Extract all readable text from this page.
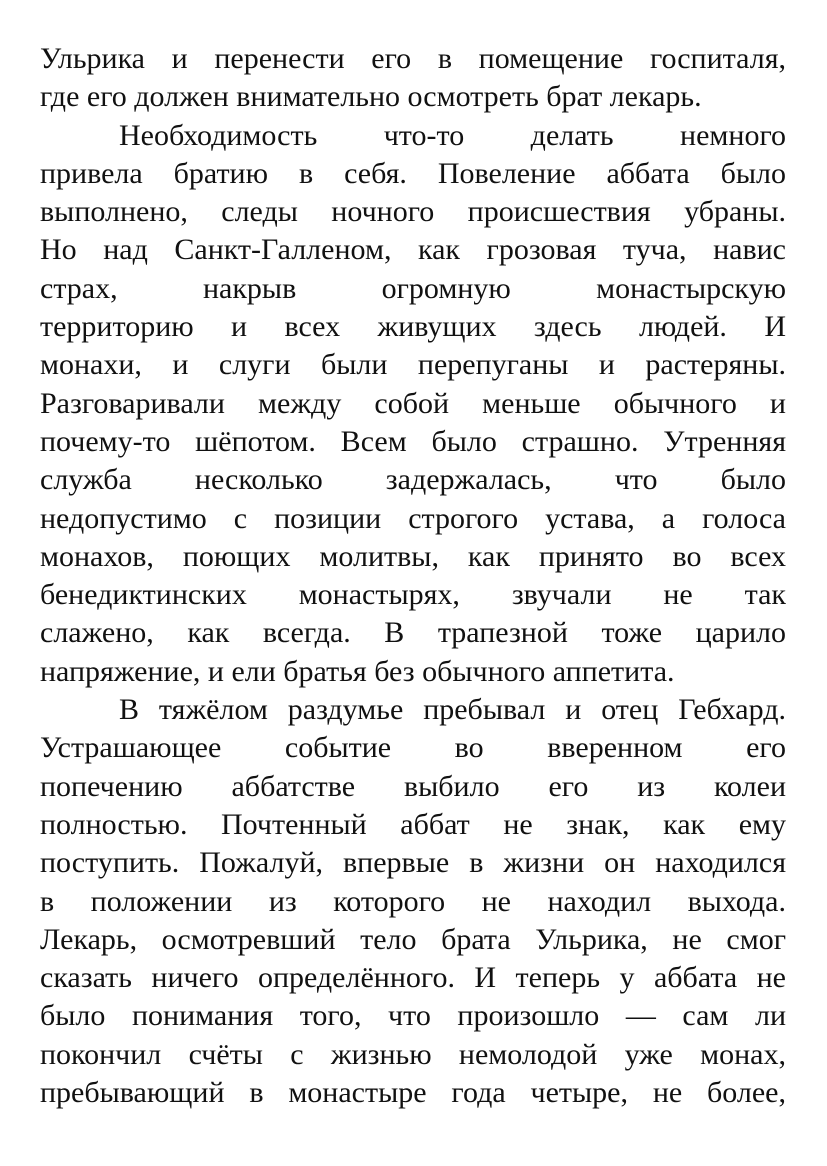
Ульрика и перенести его в помещение госпиталя,
где его должен внимательно осмотреть брат лекарь.
Необходимость что-то делать немного
привела братию в себя. Повеление аббата было
выполнено, следы ночного происшествия убраны.
Но над Санкт-Галленом, как грозовая туча, навис
страх, накрыв огромную монастырскую
территорию и всех живущих здесь людей. И
монахи, и слуги были перепуганы и растеряны.
Разговаривали между собой меньше обычного и
почему-то шёпотом. Всем было страшно. Утренняя
служба несколько задержалась, что было
недопустимо с позиции строгого устава, а голоса
монахов, поющих молитвы, как принято во всех
бенедиктинских монастырях, звучали не так
слажено, как всегда. В трапезной тоже царило
напряжение, и ели братья без обычного аппетита.
В тяжёлом раздумье пребывал и отец Гебхард.
Устрашающее событие во вверенном его
попечению аббатстве выбило его из колеи
полностью. Почтенный аббат не знак, как ему
поступить. Пожалуй, впервые в жизни он находился
в положении из которого не находил выхода.
Лекарь, осмотревший тело брата Ульрика, не смог
сказать ничего определённого. И теперь у аббата не
было понимания того, что произошло — сам ли
покончил счёты с жизнью немолодой уже монах,
пребывающий в монастыре года четыре, не более,
